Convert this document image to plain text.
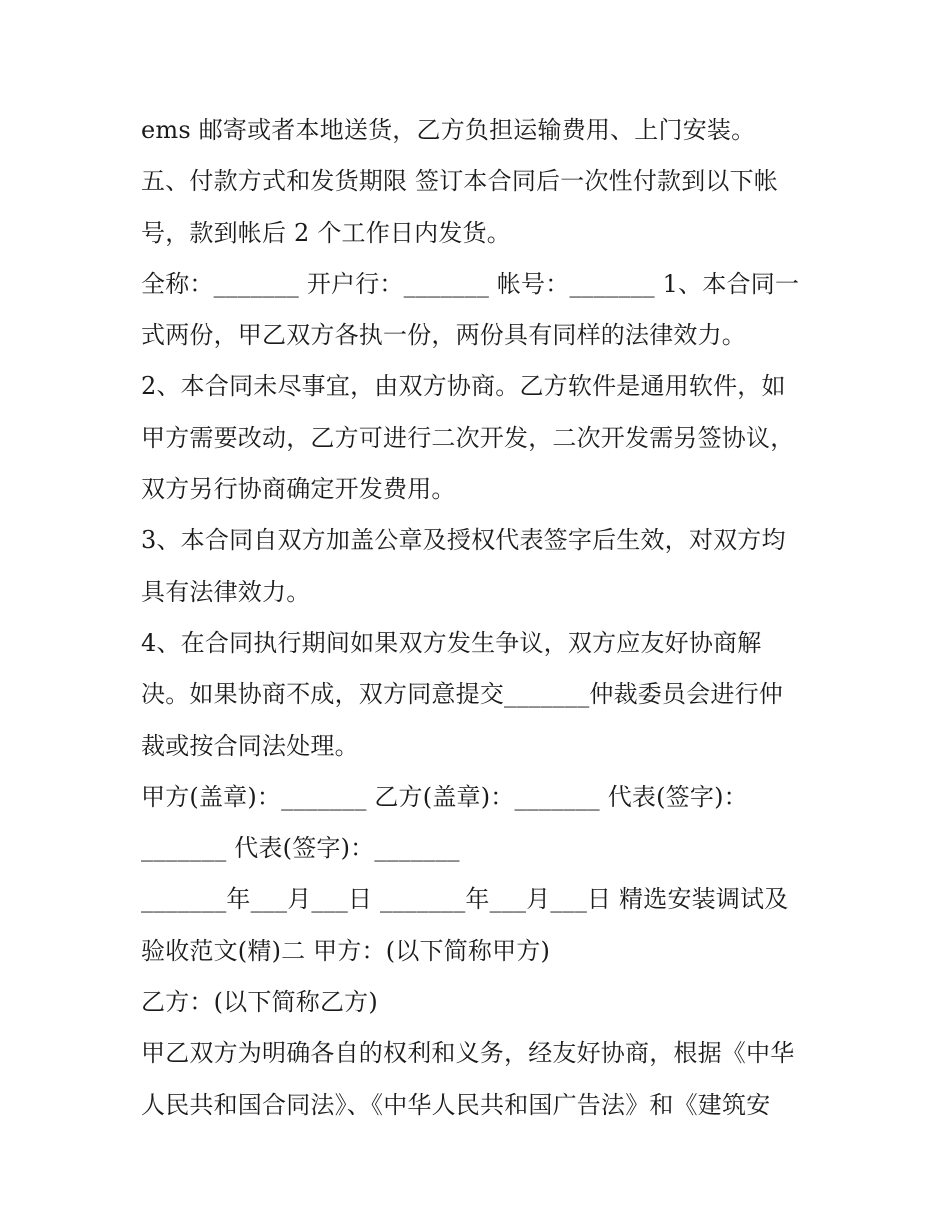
ems 邮寄或者本地送货，乙方负担运输费用、上门安装。
五、付款方式和发货期限 签订本合同后一次性付款到以下帐
号，款到帐后 2 个工作日内发货。
全称：_______ 开户行：_______ 帐号：_______ 1、本合同一
式两份，甲乙双方各执一份，两份具有同样的法律效力。
2、本合同未尽事宜，由双方协商。乙方软件是通用软件，如
甲方需要改动，乙方可进行二次开发，二次开发需另签协议，
双方另行协商确定开发费用。
3、本合同自双方加盖公章及授权代表签字后生效，对双方均
具有法律效力。
4、在合同执行期间如果双方发生争议，双方应友好协商解
决。如果协商不成，双方同意提交_______仲裁委员会进行仲
裁或按合同法处理。
甲方(盖章)：_______ 乙方(盖章)：_______ 代表(签字)：
_______ 代表(签字)：_______
_______年___月___日 _______年___月___日 精选安装调试及
验收范文(精)二 甲方：(以下简称甲方)
乙方：(以下简称乙方)
甲乙双方为明确各自的权利和义务，经友好协商，根据《中华
人民共和国合同法》、《中华人民共和国广告法》和《建筑安
